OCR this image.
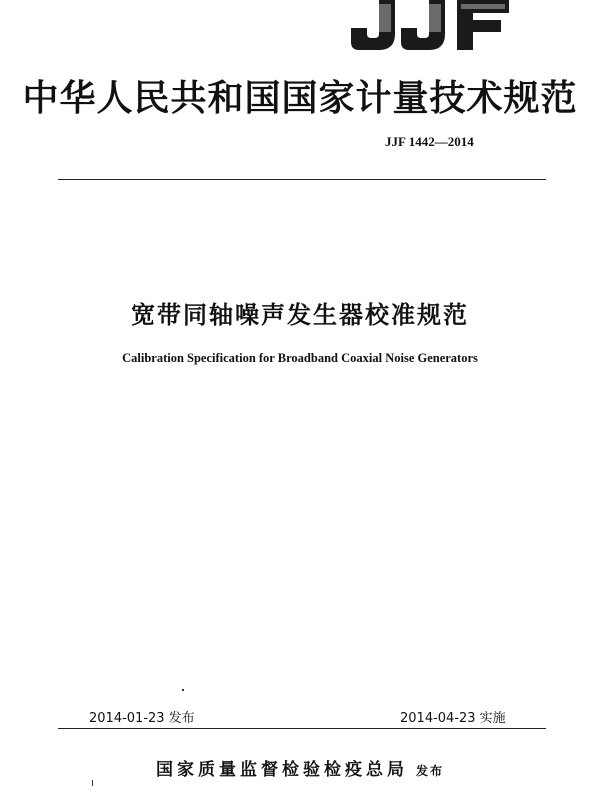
中华人民共和国国家计量技术规范
JJF 1442—2014
宽带同轴噪声发生器校准规范
Calibration Specification for Broadband Coaxial Noise Generators
2014-01-23 发布	2014-04-23 实施
国家质量监督检验检疫总局 发布
